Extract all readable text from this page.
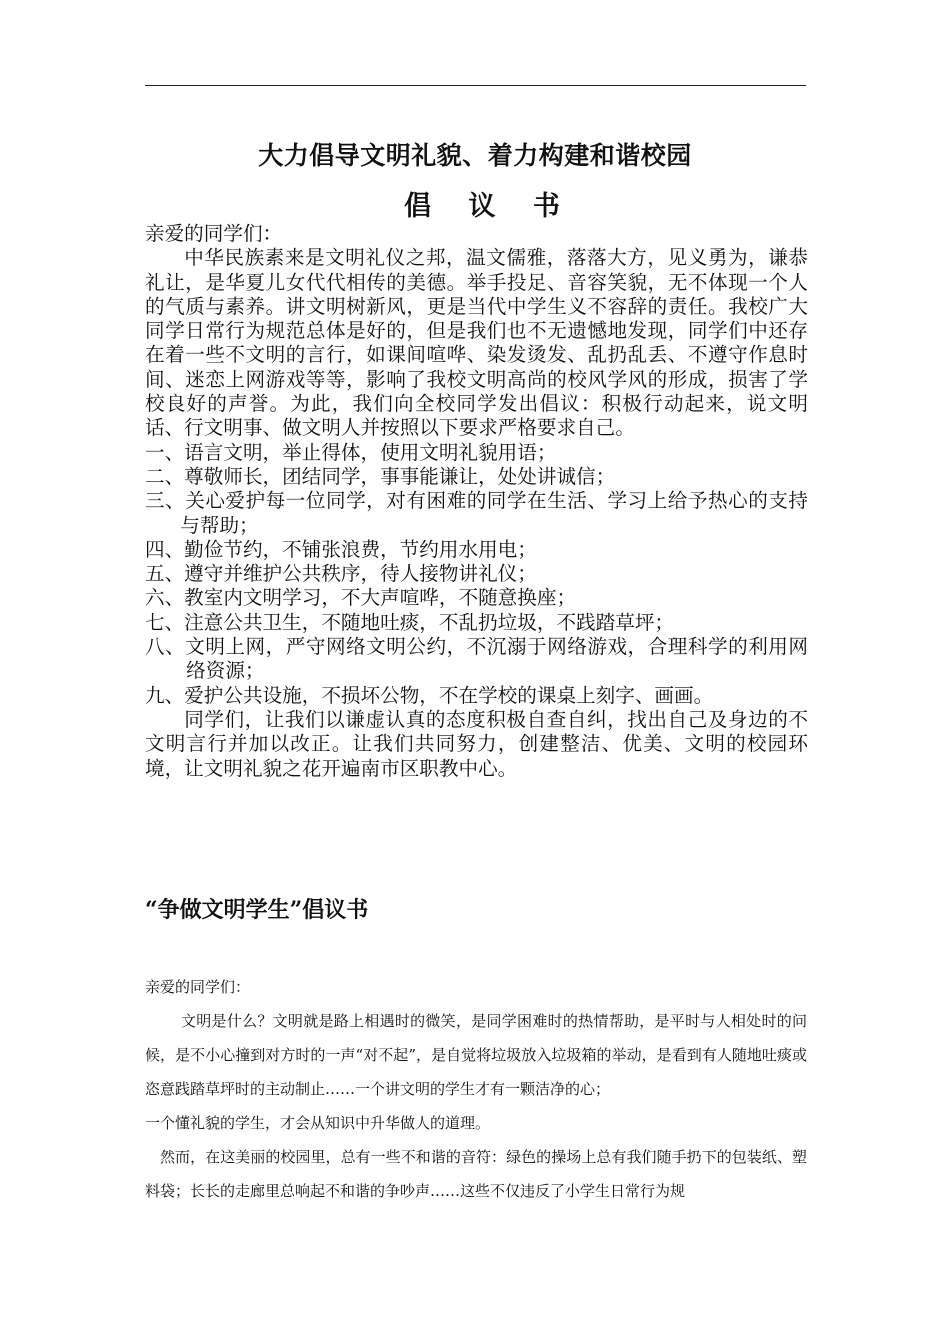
大力倡导文明礼貌、着力构建和谐校园
倡 议 书

亲爱的同学们：

中华民族素来是文明礼仪之邦，温文儒雅，落落大方，见义勇为，谦恭礼让，是华夏儿女代代相传的美德。举手投足、音容笑貌，无不体现一个人的气质与素养。讲文明树新风，更是当代中学生义不容辞的责任。我校广大同学日常行为规范总体是好的，但是我们也不无遗憾地发现，同学们中还存在着一些不文明的言行，如课间喧哗、染发烫发、乱扔乱丢、不遵守作息时间、迷恋上网游戏等等，影响了我校文明高尚的校风学风的形成，损害了学校良好的声誉。为此，我们向全校同学发出倡议：积极行动起来，说文明话、行文明事、做文明人并按照以下要求严格要求自己。

一、语言文明，举止得体，使用文明礼貌用语；

二、尊敬师长，团结同学，事事能谦让，处处讲诚信；

三、关心爱护每一位同学，对有困难的同学在生活、学习上给予热心的支持与帮助；

四、勤俭节约，不铺张浪费，节约用水用电；

五、遵守并维护公共秩序，待人接物讲礼仪；

六、教室内文明学习，不大声喧哗，不随意换座；

七、注意公共卫生，不随地吐痰，不乱扔垃圾，不践踏草坪；

八、文明上网，严守网络文明公约，不沉溺于网络游戏，合理科学的利用网络资源；

九、爱护公共设施，不损坏公物，不在学校的课桌上刻字、画画。

同学们，让我们以谦虚认真的态度积极自查自纠，找出自己及身边的不文明言行并加以改正。让我们共同努力，创建整洁、优美、文明的校园环境，让文明礼貌之花开遍南市区职教中心。

“争做文明学生”倡议书

亲爱的同学们：

文明是什么？文明就是路上相遇时的微笑，是同学困难时的热情帮助，是平时与人相处时的问候，是不小心撞到对方时的一声“对不起”，是自觉将垃圾放入垃圾箱的举动，是看到有人随地吐痰或恣意践踏草坪时的主动制止……一个讲文明的学生才有一颗洁净的心；

一个懂礼貌的学生，才会从知识中升华做人的道理。

然而，在这美丽的校园里，总有一些不和谐的音符：绿色的操场上总有我们随手扔下的包装纸、塑料袋；长长的走廊里总响起不和谐的争吵声……这些不仅违反了小学生日常行为规
